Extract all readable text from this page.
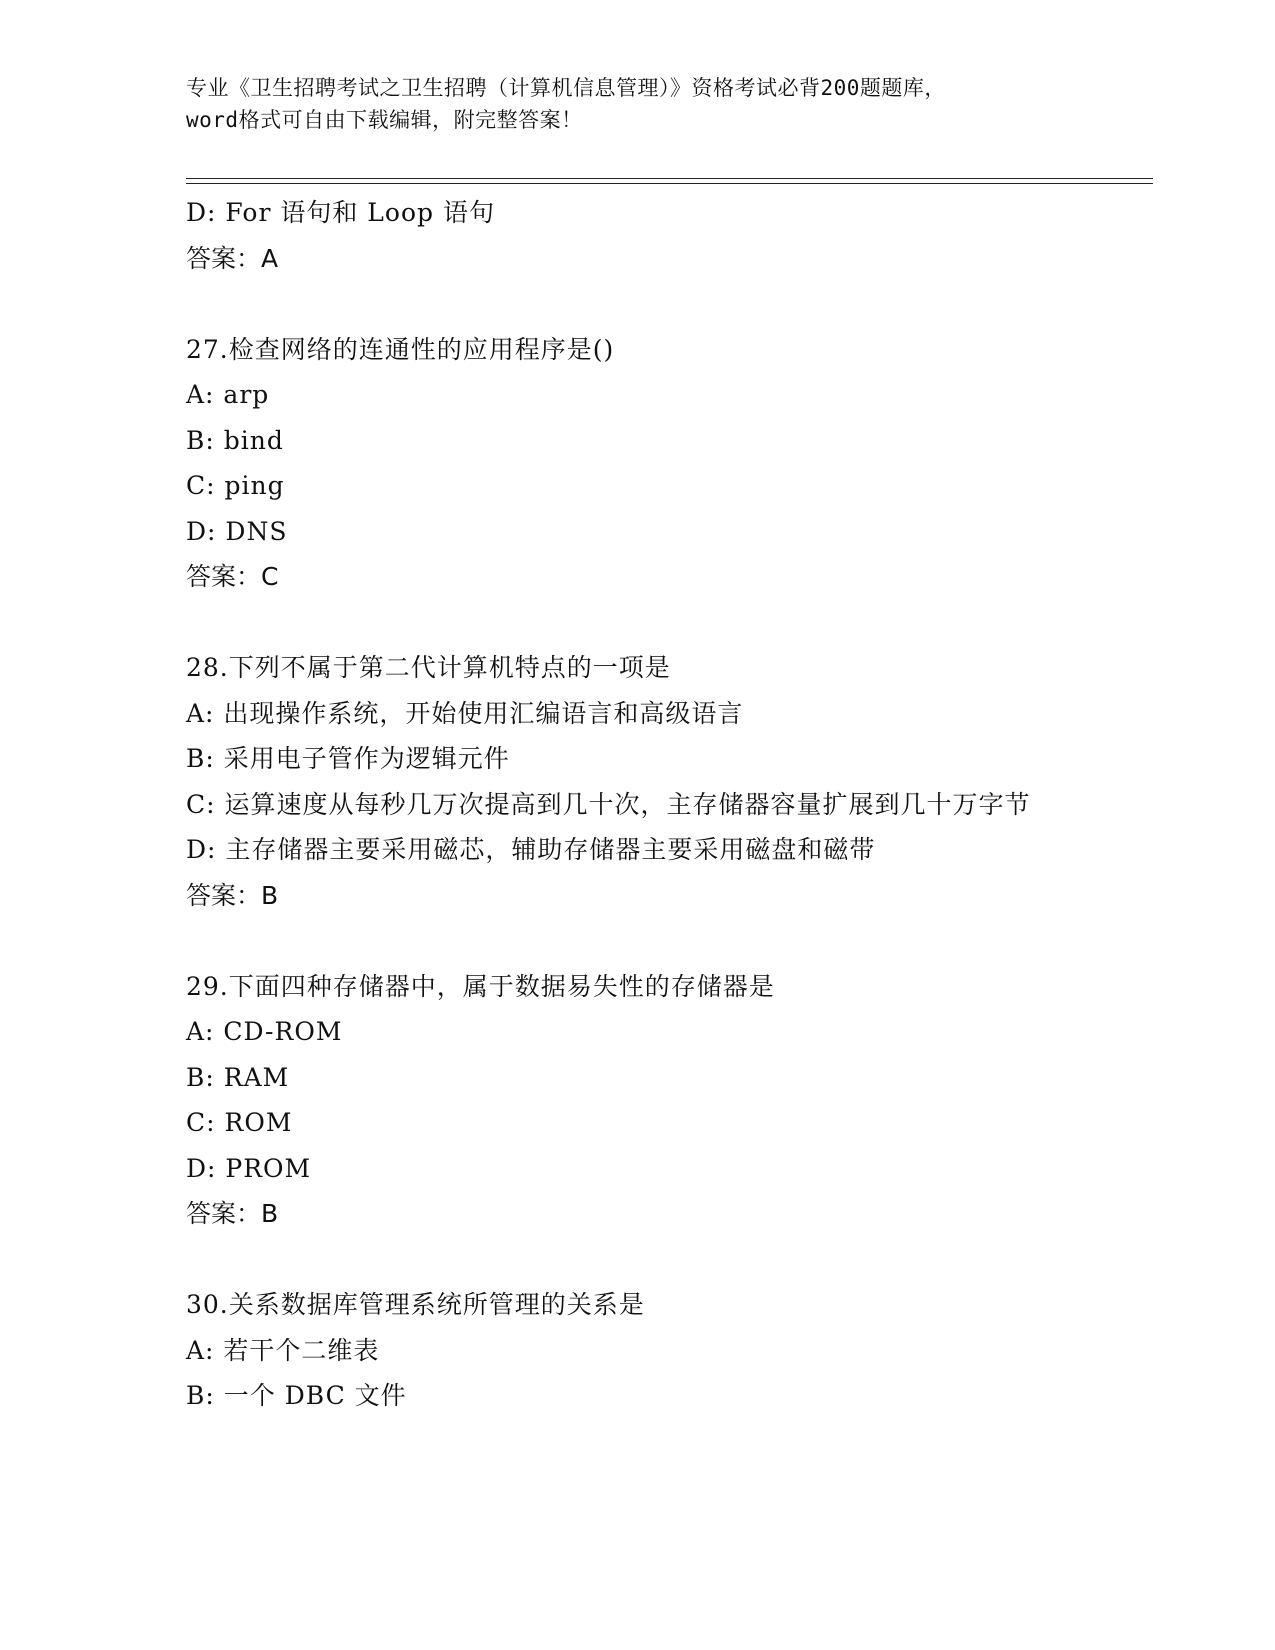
专业《卫生招聘考试之卫生招聘（计算机信息管理）》资格考试必背200题题库，
word格式可自由下载编辑，附完整答案！
D: For 语句和 Loop 语句
答案：A
27.检查网络的连通性的应用程序是()
A: arp
B: bind
C: ping
D: DNS
答案：C
28.下列不属于第二代计算机特点的一项是
A: 出现操作系统，开始使用汇编语言和高级语言
B: 采用电子管作为逻辑元件
C: 运算速度从每秒几万次提高到几十次，主存储器容量扩展到几十万字节
D: 主存储器主要采用磁芯，辅助存储器主要采用磁盘和磁带
答案：B
29.下面四种存储器中，属于数据易失性的存储器是
A: CD-ROM
B: RAM
C: ROM
D: PROM
答案：B
30.关系数据库管理系统所管理的关系是
A: 若干个二维表
B: 一个 DBC 文件
